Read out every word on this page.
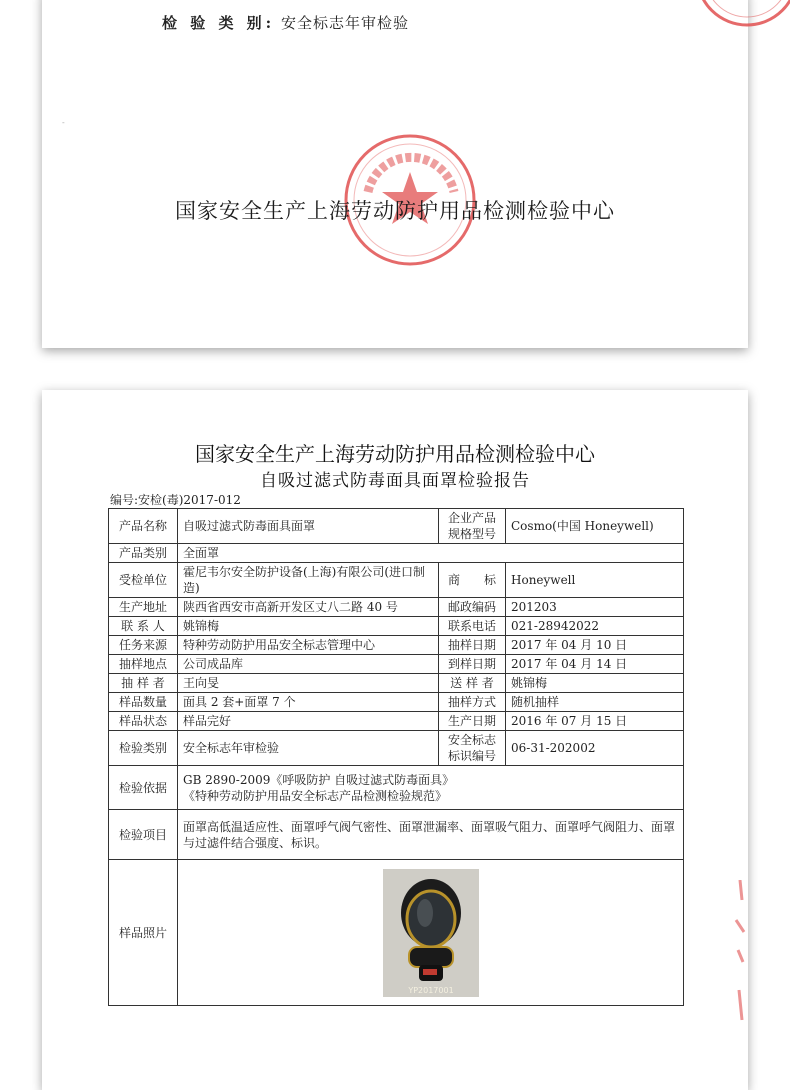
检 验 类 别: 安全标志年审检验
国家安全生产上海劳动防护用品检测检验中心
-
国家安全生产上海劳动防护用品检测检验中心
自吸过滤式防毒面具面罩检验报告
编号:安检(毒)2017-012
产品名称	自吸过滤式防毒面具面罩	企业产品规格型号	Cosmo(中国 Honeywell)
产品类别	全面罩		
受检单位	霍尼韦尔安全防护设备(上海)有限公司(进口制造)	商　　标	Honeywell
生产地址	陕西省西安市高新开发区丈八二路 40 号	邮政编码	201203
联 系 人	姚锦梅	联系电话	021-28942022
任务来源	特种劳动防护用品安全标志管理中心	抽样日期	2017 年 04 月 10 日
抽样地点	公司成品库	到样日期	2017 年 04 月 14 日
抽 样 者	王向旻	送 样 者	姚锦梅
样品数量	面具 2 套+面罩 7 个	抽样方式	随机抽样
样品状态	样品完好	生产日期	2016 年 07 月 15 日
检验类别	安全标志年审检验	安全标志标识编号	06-31-202002
检验依据	GB 2890-2009《呼吸防护 自吸过滤式防毒面具》
《特种劳动防护用品安全标志产品检测检验规范》		

检验项目	面罩高低温适应性、面罩呼气阀气密性、面罩泄漏率、面罩吸气阻力、面罩呼气阀阻力、面罩与过滤件结合强度、标识。		
样品照片	YP2017001		
